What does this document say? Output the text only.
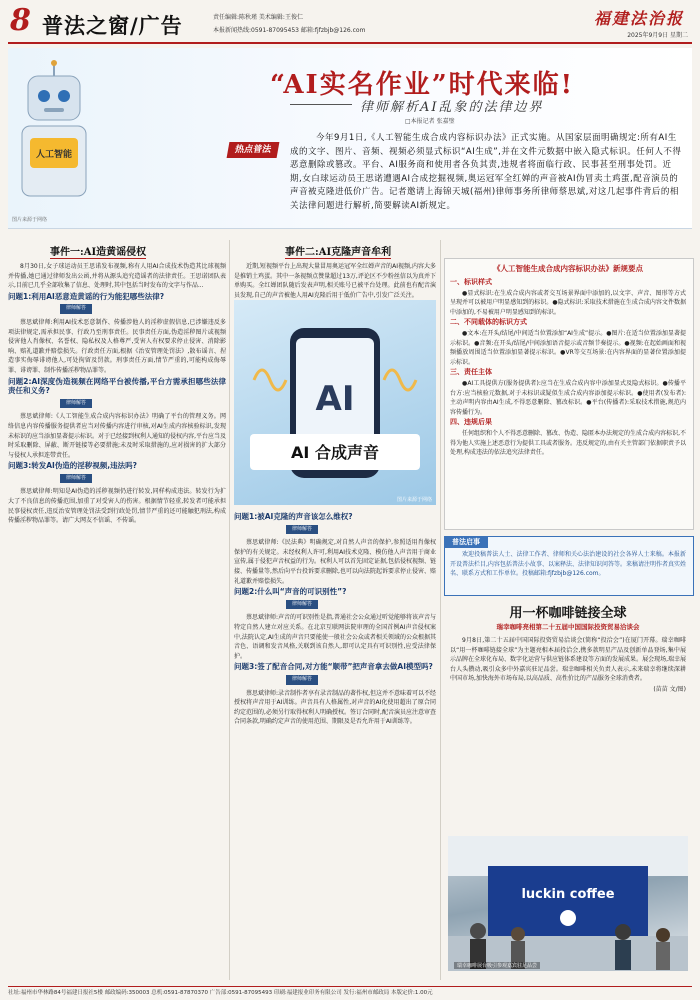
8 普法之窗/广告	责任编辑:陈秋瑾 美术编辑:王俊仁
本报新闻热线:0591-87095453 邮箱:fjfzbjb@126.com
福建法治报
2025年9月9日 星期二
人工智能
图片来源于网络
“AI实名作业”时代来临!
律师解析AI乱象的法律边界
□本报记者 张嘉璧
热点普法
今年9月1日,《人工智能生成合成内容标识办法》正式实施。从国家层面明确规定:所有AI生成的文字、图片、音频、视频必须显式标识“AI生成”,并在文件元数据中嵌入隐式标识。任何人不得恶意删除或篡改。平台、AI服务商和使用者各负其责,违规者将面临行政、民事甚至刑事处罚。近期,女白球运动员王思诺遭遇AI合成挖掘视频,奥运冠军全红婵的声音被AI伪冒卖土鸡蛋,配音演员的声音被克隆进低价广告。记者邀请上海锦天城(福州)律师事务所律师蔡思斌,对这几起事件背后的相关法律问题进行解析,简要解读AI新规定。
事件一:AI造黄谣侵权

8月30日,女子球运动员王思诺发布视频,称有人用AI合成技术伪造其比球视频并传播,她已通过律师发出公函,并将从源头追究造谣者的法律责任。王思诺团队表示,目前已几乎全部收集了信息、处理时,其中包括当时发布的文字与作品...

问题1:利用AI恶意造黄谣的行为能犯哪些法律?

律师解答

蔡思斌律师:利用AI技术恶意制作、传播涉他人的淫秽虚假信息,已涉嫌违反多项法律规定,需承担民事、行政乃至刑事责任。民事责任方面,伪造淫秽图片或视频侵害他人肖像权、名誉权、隐私权及人格尊严,受害人有权要求停止侵害、消除影响、赔礼道歉并赔偿损失。行政责任方面,根据《治安管理处罚法》,散布谣言、捏造事实侮辱诽谤他人,可处拘留及罚款。刑事责任方面,情节严重的,可能构成侮辱罪、诽谤罪、制作传播淫秽物品罪等。

问题2:AI深度伪造视频在网络平台被传播,平台方需承担哪些法律责任和义务?

律师解答

蔡思斌律师:《人工智能生成合成内容标识办法》明确了平台的管理义务。网络信息内容传播服务提供者应当对传播内容进行审核,对AI生成内容核验标识,发现未标识的应当添加显著提示标识。对于已经接到权利人通知的侵权内容,平台应当及时采取删除、屏蔽、断开链接等必要措施;未及时采取措施的,应对损害的扩大部分与侵权人承担连带责任。

问题3:转发AI伪造的淫秽视频,违法吗?

律师解答

蔡思斌律师:明知是AI伪造的淫秽视频仍进行转发,同样构成违法。转发行为扩大了不良信息的传播范围,加重了对受害人的伤害。根据情节轻重,转发者可能承担民事侵权责任,违反治安管理处罚法受到行政处罚,情节严重的还可能触犯刑法,构成传播淫秽物品罪等。请广大网友不信谣、不传谣。

事件二:AI克隆声音牟利

近期,短视频平台上出现大量冒用奥运冠军全红婵声音的AI视频,内容大多是推销土鸡蛋。其中一条视频点赞量超过13万,评论区不少粉丝信以为真并下单购买。全红婵团队随后发表声明,相关账号已被平台处理。此前也有配音演员发现,自己的声音被他人用AI克隆后用于低价广告中,引发广泛关注。

AI
AI 合成声音
图片来源于网络

问题1:被AI克隆的声音该怎么维权?

律师解答

蔡思斌律师:《民法典》明确规定,对自然人声音的保护,参照适用肖像权保护的有关规定。未经权利人许可,利用AI技术克隆、模仿他人声音用于商业宣传,属于侵犯声音权益的行为。权利人可以首先固定证据,包括侵权视频、链接、传播量等,然后向平台投诉要求删除,也可以向法院起诉要求停止侵害、赔礼道歉并赔偿损失。

问题2:什么叫“声音的可识别性”?

律师解答

蔡思斌律师:声音的可识别性是指,普通社会公众通过听觉能够将该声音与特定自然人建立对应关系。在北京互联网法院审理的全国首例AI声音侵权案中,法院认定,AI生成的声音只要能使一般社会公众或者相关领域的公众根据其音色、语调和发音风格,关联到该自然人,即可认定具有可识别性,应受法律保护。

问题3:签了配音合同,对方能“顺带”把声音拿去做AI模型吗?

律师解答

蔡思斌律师:录音制作者享有录音制品的著作权,但这并不意味着可以不经授权将声音用于AI训练。声音具有人格属性,对声音的AI化使用超出了原合同约定范围的,必须另行取得权利人明确授权。签订合同时,配音演员应注意审查合同条款,明确约定声音的使用范围、期限及是否允许用于AI训练等。

《人工智能生成合成内容标识办法》新规要点

一、标识样式

●显式标识:在生成合成内容或者交互场景界面中添加的,以文字、声音、图形等方式呈现并可以被用户明显感知到的标识。●隐式标识:采取技术措施在生成合成内容文件数据中添加的,不易被用户明显感知到的标识。

二、不同载体的标识方式

●文本:在开头/结尾/中间适当位置添加“AI生成”提示。●图片:在适当位置添加显著提示标识。●音频:在开头/结尾/中间添加语音提示或音频节奏提示。●视频:在起始画面和视频播放周围适当位置添加显著提示标识。●VR等交互场景:在内容界面的显著位置添加提示标识。

三、责任主体

●AI工具提供方(服务提供者):应当在生成合成内容中添加显式及隐式标识。●传播平台方:应当核验元数据,对于未标识或疑似生成合成内容添加提示标识。●使用者(发布者):主动声明内容由AI生成,不得恶意删除、篡改标识。●平台(传播者):采取技术措施,规范内容传播行为。

四、违规后果

任何组织和个人不得恶意删除、篡改、伪造、隐匿本办法规定的生成合成内容标识,不得为他人实施上述恶意行为提供工具或者服务。违反规定的,由有关主管部门依据职责予以处理,构成违法的依法追究法律责任。

普法启事

欢迎投稿普法人士、法律工作者、律师和关心法治建设的社会各界人士来稿。本报新开设普法栏目,内容包括普法小故事、以案释法、法律知识问答等。来稿请注明作者真实姓名、联系方式和工作单位。投稿邮箱:fjfzbjb@126.com。

用一杯咖啡链接全球
瑞幸咖啡亮相第二十五届中国国际投资贸易洽谈会

9月8日,第二十五届中国国际投资贸易洽谈会(简称“投洽会”)在厦门开幕。瑞幸咖啡以“用一杯咖啡链接全球”为主题亮相本届投洽会,携多款明星产品及创新单品登场,集中展示品牌在全球化布局、数字化运营与供应链体系建设等方面的发展成果。展会现场,瑞幸展台人头攒动,吸引众多中外嘉宾驻足品尝。瑞幸咖啡相关负责人表示,未来瑞幸将继续深耕中国市场,加快海外市场布局,以高品质、高性价比的产品服务全球消费者。

(苗苗 文/图)

luckin coffee
瑞幸咖啡展台吸引参观嘉宾驻足品尝
社址:福州市华林路84号福建日报社5楼 邮政编码:350003 总机:0591-87870370 广告部:0591-87095493 印刷:福建报业印务有限公司 发行:福州市邮政局 本版定价:1.00元
